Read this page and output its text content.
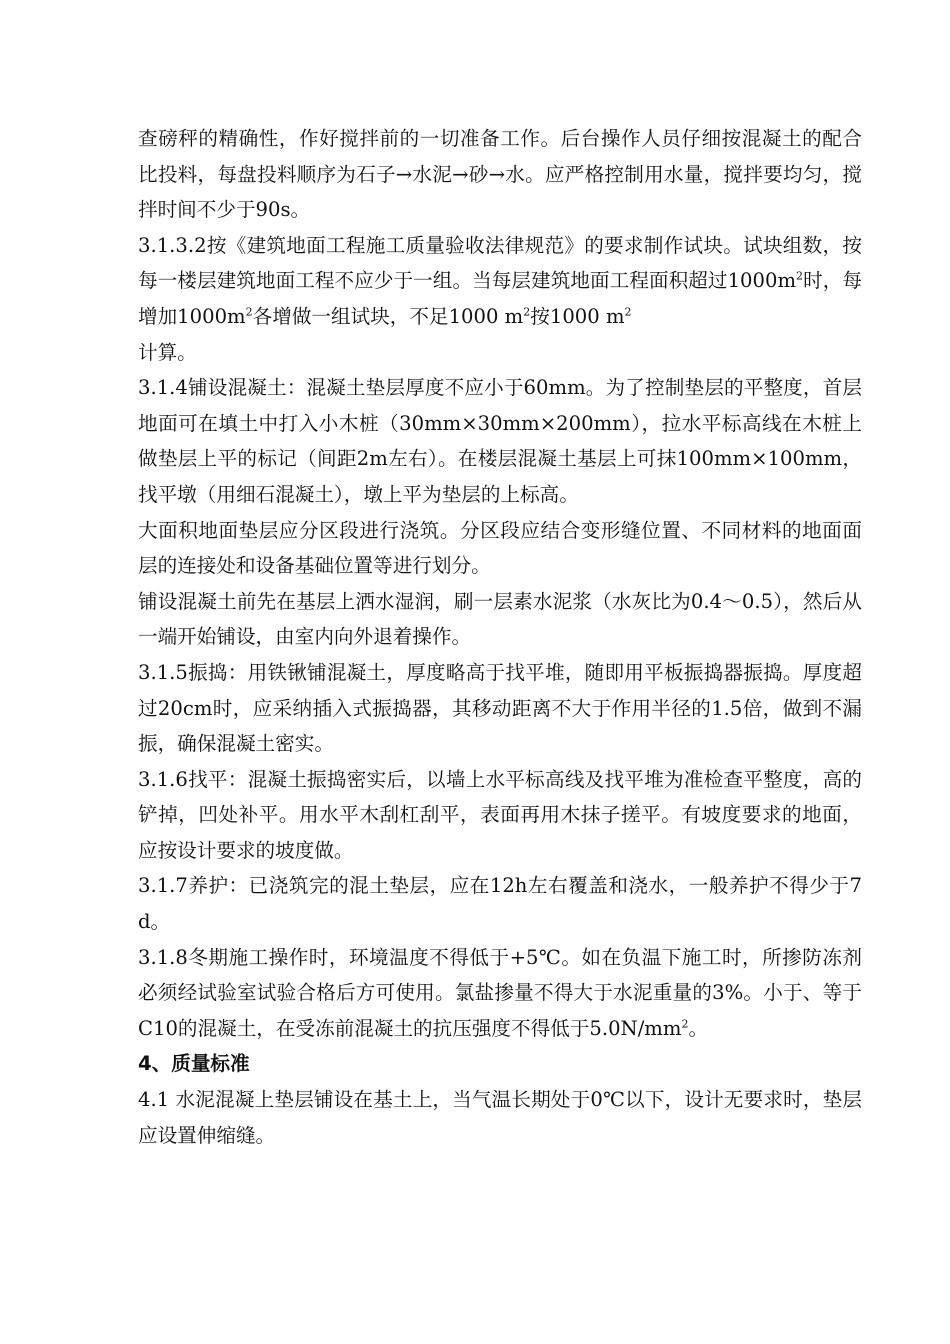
查磅秤的精确性，作好搅拌前的一切准备工作。后台操作人员仔细按混凝土的配合比投料，每盘投料顺序为石子→水泥→砂→水。应严格控制用水量，搅拌要均匀，搅拌时间不少于90s。

3.1.3.2按《建筑地面工程施工质量验收法律规范》的要求制作试块。试块组数，按每一楼层建筑地面工程不应少于一组。当每层建筑地面工程面积超过$1000m^2$时，每增加$1000m^2$各增做一组试块，不足1000 $m^2$按1000 $m^2$
计算。

3.1.4铺设混凝土：混凝土垫层厚度不应小于60mm。为了控制垫层的平整度，首层地面可在填土中打入小木桩（30mm×30mm×200mm），拉水平标高线在木桩上做垫层上平的标记（间距2m左右）。在楼层混凝土基层上可抹100mm×100mm，找平墩（用细石混凝土），墩上平为垫层的上标高。

大面积地面垫层应分区段进行浇筑。分区段应结合变形缝位置、不同材料的地面面层的连接处和设备基础位置等进行划分。

铺设混凝土前先在基层上洒水湿润，刷一层素水泥浆（水灰比为0.4～0.5），然后从一端开始铺设，由室内向外退着操作。

3.1.5振捣：用铁锹铺混凝土，厚度略高于找平堆，随即用平板振捣器振捣。厚度超过20cm时，应采纳插入式振捣器，其移动距离不大于作用半径的1.5倍，做到不漏振，确保混凝土密实。

3.1.6找平：混凝土振捣密实后，以墙上水平标高线及找平堆为准检查平整度，高的铲掉，凹处补平。用水平木刮杠刮平，表面再用木抹子搓平。有坡度要求的地面，应按设计要求的坡度做。

3.1.7养护：已浇筑完的混土垫层，应在12h左右覆盖和浇水，一般养护不得少于7d。

3.1.8冬期施工操作时，环境温度不得低于+5℃。如在负温下施工时，所掺防冻剂必须经试验室试验合格后方可使用。氯盐掺量不得大于水泥重量的3%。小于、等于C10的混凝土，在受冻前混凝土的抗压强度不得低于$5.0N/mm^2$。

4、质量标准

4.1 水泥混凝上垫层铺设在基土上，当气温长期处于0℃以下，设计无要求时，垫层应设置伸缩缝。
